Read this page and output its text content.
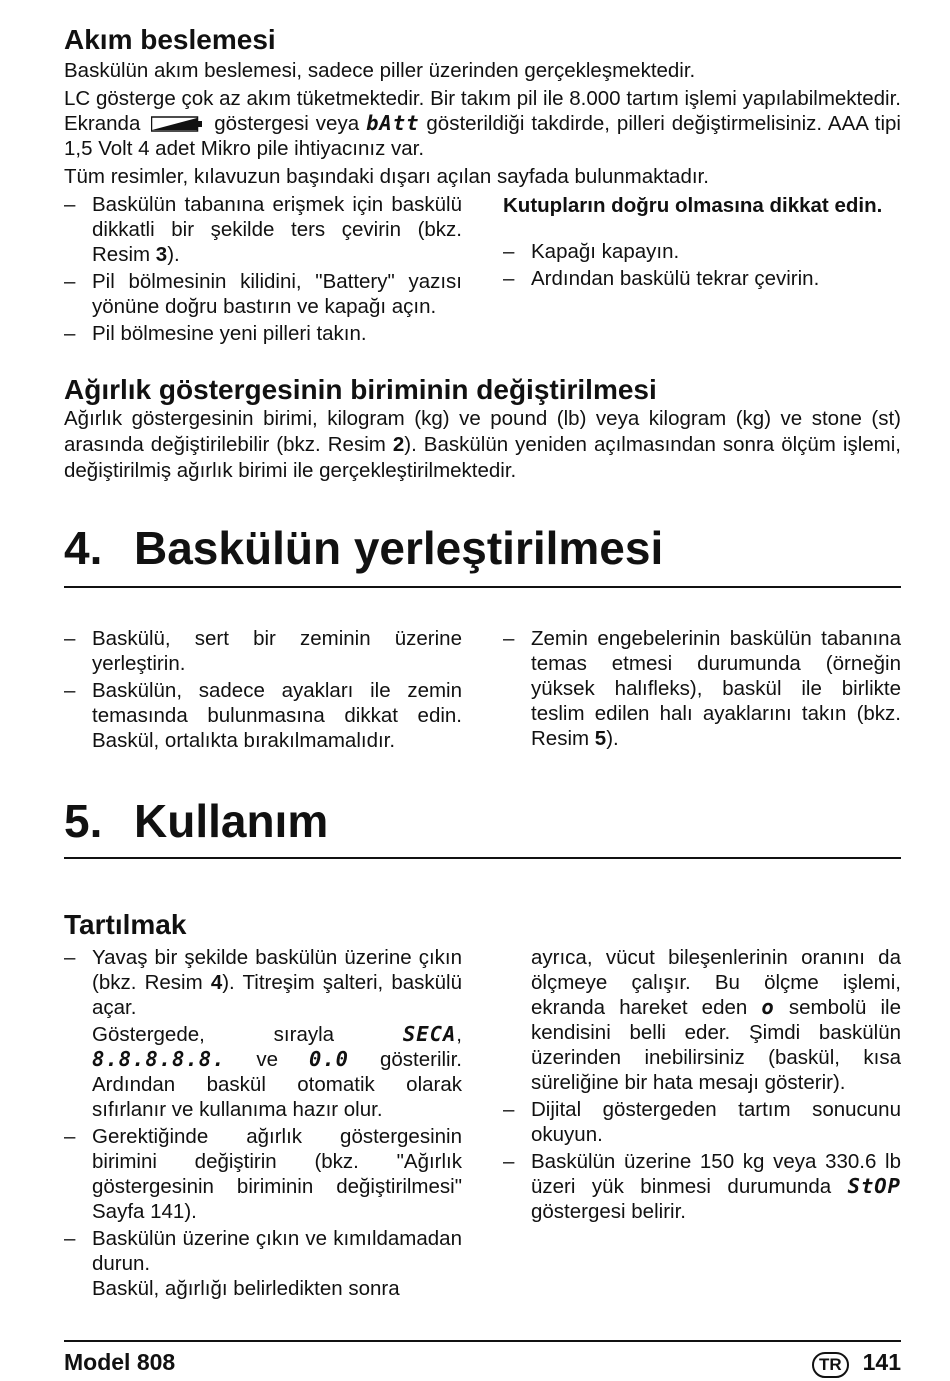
Akım beslemesi

Baskülün akım beslemesi, sadece piller üzerinden gerçekleşmektedir.

LC gösterge çok az akım tüketmektedir. Bir takım pil ile 8.000 tartım işlemi yapılabilmektedir. Ekranda	göstergesi veya bAtt gösterildiği takdirde, pilleri değiştirmelisiniz. AAA tipi 1,5 Volt 4 adet Mikro pile ihtiyacınız var.

Tüm resimler, kılavuzun başındaki dışarı açılan sayfada bulunmaktadır.

– Baskülün tabanına erişmek için baskülü dikkatli bir şekilde ters çevirin (bkz. Resim 3).
– Pil bölmesinin kilidini, "Battery" yazısı yönüne doğru bastırın ve kapağı açın.
– Pil bölmesine yeni pilleri takın.

Kutupların doğru olmasına dikkat edin.

– Kapağı kapayın.
– Ardından baskülü tekrar çevirin.
Ağırlık göstergesinin biriminin değiştirilmesi

Ağırlık göstergesinin birimi, kilogram (kg) ve pound (lb) veya kilogram (kg) ve stone (st) arasında değiştirilebilir (bkz. Resim 2). Baskülün yeniden açılmasından sonra ölçüm işlemi, değiştirilmiş ağırlık birimi ile gerçekleştirilmektedir.

4. Baskülün yerleştirilmesi
– Baskülü, sert bir zeminin üzerine yerleştirin.
– Baskülün, sadece ayakları ile zemin temasında bulunmasına dikkat edin. Baskül, ortalıkta bırakılmamalıdır.
– Zemin engebelerinin baskülün tabanına temas etmesi durumunda (örneğin yüksek halıfleks), baskül ile birlikte teslim edilen halı ayaklarını takın (bkz. Resim 5).
5. Kullanım
Tartılmak
– Yavaş bir şekilde baskülün üzerine çıkın (bkz. Resim 4). Titreşim şalteri, baskülü açar.
Göstergede, sırayla	SECA, 8.8.8.8.8. ve 0.0 gösterilir. Ardından baskül otomatik olarak sıfırlanır ve kullanıma hazır olur.
– Gerektiğinde ağırlık göstergesinin birimini değiştirin (bkz. "Ağırlık göstergesinin biriminin değiştirilmesi" Sayfa 141).
– Baskülün üzerine çıkın ve kımıldamadan durun.
Baskül, ağırlığı belirledikten sonra
ayrıca, vücut bileşenlerinin oranını da ölçmeye çalışır. Bu ölçme işlemi, ekranda hareket eden o sembolü ile kendisini belli eder. Şimdi baskülün üzerinden inebilirsiniz (baskül, kısa süreliğine bir hata mesajı gösterir).
– Dijital göstergeden tartım sonucunu okuyun.
– Baskülün üzerine 150 kg veya 330.6 lb üzeri yük binmesi durumunda StOP göstergesi belirir.
Model 808	TR 141
